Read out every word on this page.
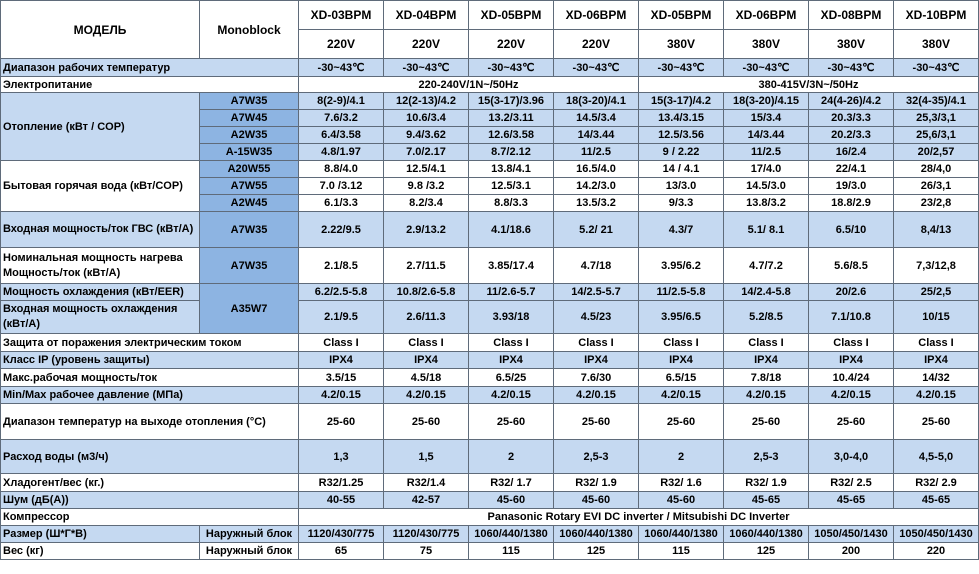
МОДЕЛЬ	Monoblock	XD-03BPM	XD-04BPM	XD-05BPM	XD-06BPM	XD-05BPM	XD-06BPM	XD-08BPM	XD-10BPM
		220V	220V	220V	220V	380V	380V	380V	380V
Диапазон рабочих температур		-30~43℃	-30~43℃	-30~43℃	-30~43℃	-30~43℃	-30~43℃	-30~43℃	-30~43℃
Электропитание		220-240V/1N~/50Hz				380-415V/3N~/50Hz			
Отопление (кВт / COP)	A7W35	8(2-9)/4.1	12(2-13)/4.2	15(3-17)/3.96	18(3-20)/4.1	15(3-17)/4.2	18(3-20)/4.15	24(4-26)/4.2	32(4-35)/4.1
	A7W45	7.6/3.2	10.6/3.4	13.2/3.11	14.5/3.4	13.4/3.15	15/3.4	20.3/3.3	25,3/3,1
	A2W35	6.4/3.58	9.4/3.62	12.6/3.58	14/3.44	12.5/3.56	14/3.44	20.2/3.3	25,6/3,1
	A-15W35	4.8/1.97	7.0/2.17	8.7/2.12	11/2.5	9 / 2.22	11/2.5	16/2.4	20/2,57
Бытовая горячая вода (кВт/COP)	A20W55	8.8/4.0	12.5/4.1	13.8/4.1	16.5/4.0	14 / 4.1	17/4.0	22/4.1	28/4,0
	A7W55	7.0 /3.12	9.8 /3.2	12.5/3.1	14.2/3.0	13/3.0	14.5/3.0	19/3.0	26/3,1
	A2W45	6.1/3.3	8.2/3.4	8.8/3.3	13.5/3.2	9/3.3	13.8/3.2	18.8/2.9	23/2,8
Входная мощность/ток ГВС (кВт/А)	A7W35	2.22/9.5	2.9/13.2	4.1/18.6	5.2/ 21	4.3/7	5.1/ 8.1	6.5/10	8,4/13
Номинальная мощность нагрева Мощность/ток (кВт/А)	A7W35	2.1/8.5	2.7/11.5	3.85/17.4	4.7/18	3.95/6.2	4.7/7.2	5.6/8.5	7,3/12,8
Мощность охлаждения (кВт/EER)	A35W7	6.2/2.5-5.8	10.8/2.6-5.8	11/2.6-5.7	14/2.5-5.7	11/2.5-5.8	14/2.4-5.8	20/2.6	25/2,5
Входная мощность охлаждения (кВт/А)		2.1/9.5	2.6/11.3	3.93/18	4.5/23	3.95/6.5	5.2/8.5	7.1/10.8	10/15
Защита от поражения электрическим током		Class I	Class I	Class I	Class I	Class I	Class I	Class I	Class I
Класс IP (уровень защиты)		IPX4	IPX4	IPX4	IPX4	IPX4	IPX4	IPX4	IPX4
Макс.рабочая мощность/ток		3.5/15	4.5/18	6.5/25	7.6/30	6.5/15	7.8/18	10.4/24	14/32
Min/Max рабочее давление (МПа)		4.2/0.15	4.2/0.15	4.2/0.15	4.2/0.15	4.2/0.15	4.2/0.15	4.2/0.15	4.2/0.15
Диапазон температур на выходе отопления (°C)		25-60	25-60	25-60	25-60	25-60	25-60	25-60	25-60
Расход воды (м3/ч)		1,3	1,5	2	2,5-3	2	2,5-3	3,0-4,0	4,5-5,0
Хладогент/вес (кг.)		R32/1.25	R32/1.4	R32/ 1.7	R32/ 1.9	R32/ 1.6	R32/ 1.9	R32/ 2.5	R32/ 2.9
Шум (дБ(А))		40-55	42-57	45-60	45-60	45-60	45-65	45-65	45-65
Компрессор		Panasonic Rotary EVI DC inverter / Mitsubishi DC Inverter							
Размер (Ш*Г*В)	Наружный блок	1120/430/775	1120/430/775	1060/440/1380	1060/440/1380	1060/440/1380	1060/440/1380	1050/450/1430	1050/450/1430
Вес (кг)	Наружный блок	65	75	115	125	115	125	200	220
